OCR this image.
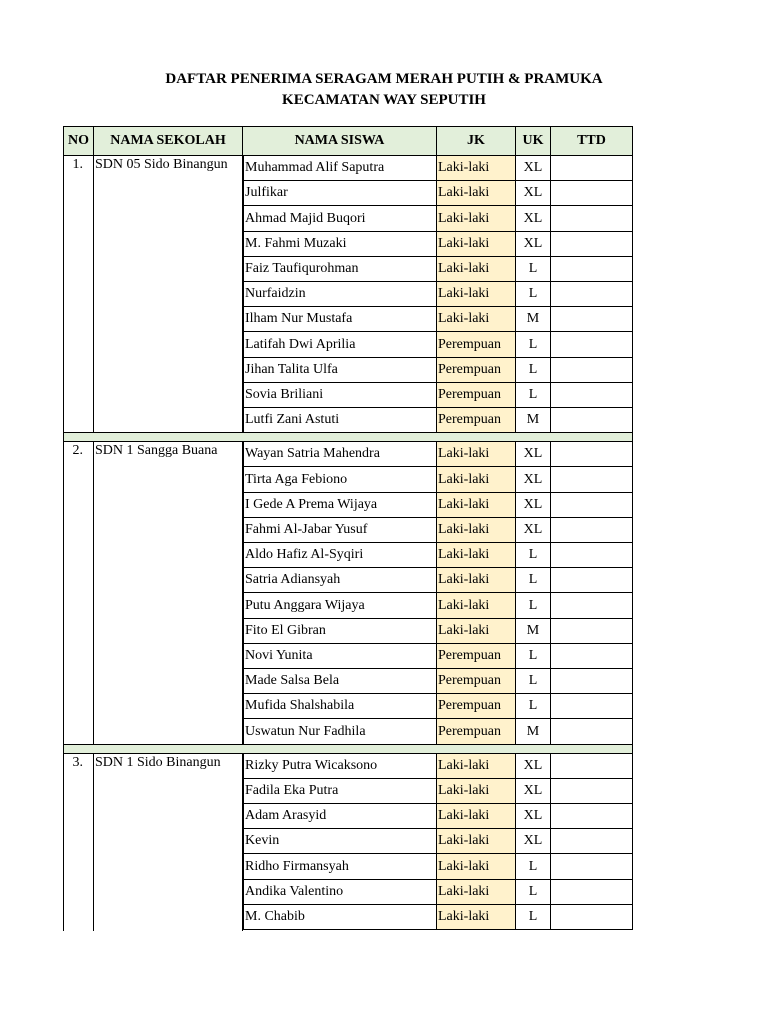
DAFTAR PENERIMA SERAGAM MERAH PUTIH & PRAMUKA
KECAMATAN WAY SEPUTIH
NO	NAMA SEKOLAH	NAMA SISWA	JK	UK	TTD
1. SDN 05 Sido Binangun	Muhammad Alif Saputra	Laki-laki	XL
Julfikar	Laki-laki	XL
Ahmad Majid Buqori	Laki-laki	XL
M. Fahmi Muzaki	Laki-laki	XL
Faiz Taufiqurohman	Laki-laki	L
Nurfaidzin	Laki-laki	L
Ilham Nur Mustafa	Laki-laki	M
Latifah Dwi Aprilia	Perempuan	L
Jihan Talita Ulfa	Perempuan	L
Sovia Briliani	Perempuan	L
Lutfi Zani Astuti	Perempuan	M
2. SDN 1 Sangga Buana	Wayan Satria Mahendra	Laki-laki	XL
Tirta Aga Febiono	Laki-laki	XL
I Gede A Prema Wijaya	Laki-laki	XL
Fahmi Al-Jabar Yusuf	Laki-laki	XL
Aldo Hafiz Al-Syqiri	Laki-laki	L
Satria Adiansyah	Laki-laki	L
Putu Anggara Wijaya	Laki-laki	L
Fito El Gibran	Laki-laki	M
Novi Yunita	Perempuan	L
Made Salsa Bela	Perempuan	L
Mufida Shalshabila	Perempuan	L
Uswatun Nur Fadhila	Perempuan	M
3. SDN 1 Sido Binangun	Rizky Putra Wicaksono	Laki-laki	XL
Fadila Eka Putra	Laki-laki	XL
Adam Arasyid	Laki-laki	XL
Kevin	Laki-laki	XL
Ridho Firmansyah	Laki-laki	L
Andika Valentino	Laki-laki	L
M. Chabib	Laki-laki	L
